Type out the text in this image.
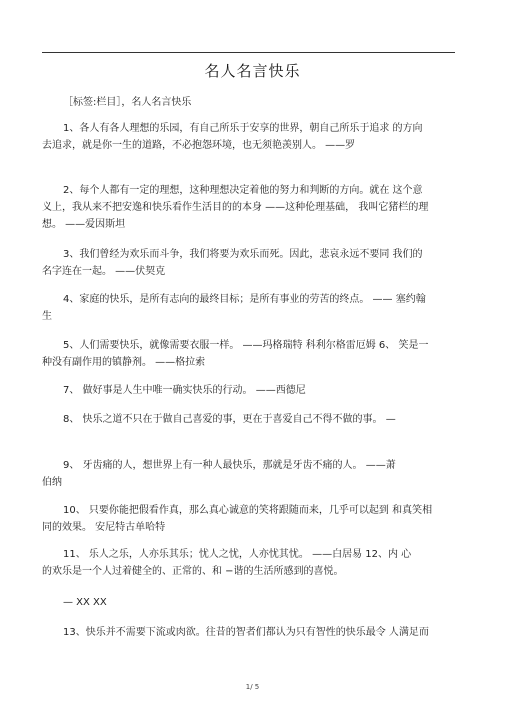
名人名言快乐
［标签:栏目］，名人名言快乐
1、各人有各人理想的乐园，有自己所乐于安享的世界，朝自己所乐于追求 的方向
去追求，就是你一生的道路，不必抱怨环境，也无须艳羡别人。 ——罗
2、每个人都有一定的理想，这种理想决定着他的努力和判断的方向。就在 这个意
义上，我从来不把安逸和快乐看作生活目的的本身 ——这种伦理基础， 我叫它猪栏的理
想。 ——爱因斯坦
3、我们曾经为欢乐而斗争，我们将要为欢乐而死。因此，悲哀永远不要同 我们的
名字连在一起。 ——伏契克
4、家庭的快乐，是所有志向的最终目标；是所有事业的劳苦的终点。 —— 塞约翰
生
5、人们需要快乐，就像需要衣服一样。 ——玛格瑞特 科利尔格雷厄姆 6、 笑是一
种没有副作用的镇静剂。 ——格拉索
7、 做好事是人生中唯一确实快乐的行动。 ——西德尼
8、 快乐之道不只在于做自己喜爱的事，更在于喜爱自己不得不做的事。 —
9、 牙齿痛的人，想世界上有一种人最快乐，那就是牙齿不痛的人。 ——萧
伯纳
10、 只要你能把假看作真，那么真心诚意的笑将跟随而来，几乎可以起到 和真笑相
同的效果。 安尼特古单哈特
11、 乐人之乐，人亦乐其乐；忧人之忧，人亦忧其忧。 ——白居易 12、内 心
的欢乐是一个人过着健全的、正常的、和 −谐的生活所感到的喜悦。
— XX XX
13、快乐并不需要下流或肉欲。往昔的智者们都认为只有智性的快乐最令 人满足而
1/ 5
